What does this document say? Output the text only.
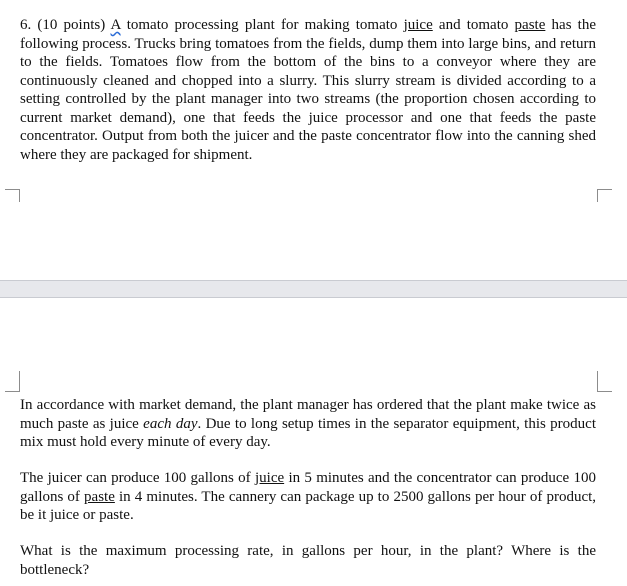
6. (10 points) A tomato processing plant for making tomato juice and tomato paste has the following process. Trucks bring tomatoes from the fields, dump them into large bins, and return to the fields. Tomatoes flow from the bottom of the bins to a conveyor where they are continuously cleaned and chopped into a slurry. This slurry stream is divided according to a setting controlled by the plant manager into two streams (the proportion chosen according to current market demand), one that feeds the juice processor and one that feeds the paste concentrator. Output from both the juicer and the paste concentrator flow into the canning shed where they are packaged for shipment.

In accordance with market demand, the plant manager has ordered that the plant make twice as much paste as juice each day. Due to long setup times in the separator equipment, this product mix must hold every minute of every day.

The juicer can produce 100 gallons of juice in 5 minutes and the concentrator can produce 100 gallons of paste in 4 minutes. The cannery can package up to 2500 gallons per hour of product, be it juice or paste.

What is the maximum processing rate, in gallons per hour, in the plant? Where is the bottleneck?
